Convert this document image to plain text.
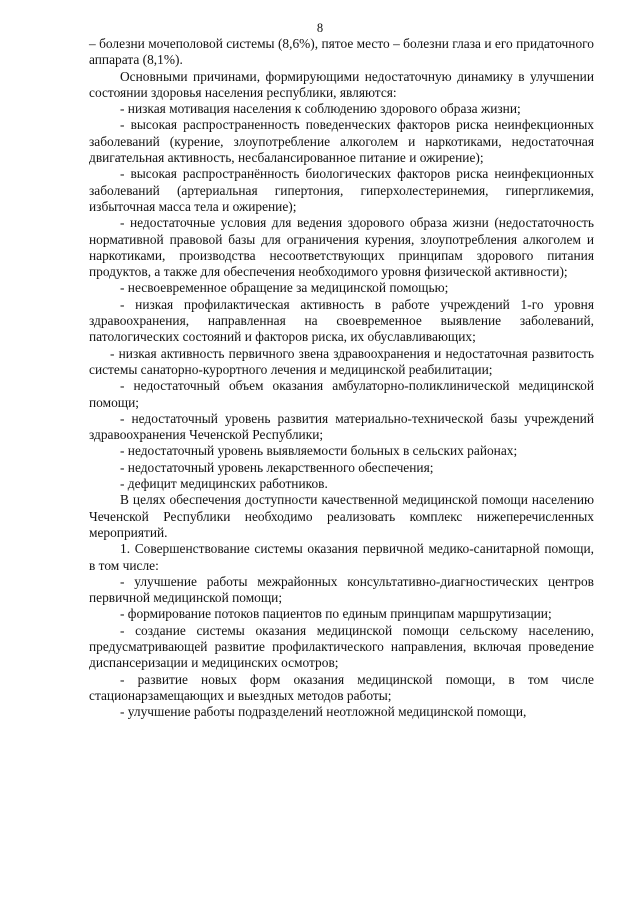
8

– болезни мочеполовой системы (8,6%), пятое место – болезни глаза и его придаточного аппарата (8,1%).

Основными причинами, формирующими недостаточную динамику в улучшении состоянии здоровья населения республики, являются:

- низкая мотивация населения к соблюдению здорового образа жизни;

- высокая распространенность поведенческих факторов риска неинфекционных заболеваний (курение, злоупотребление алкоголем и наркотиками, недостаточная двигательная активность, несбалансированное питание и ожирение);

- высокая распространённость биологических факторов риска неинфекционных заболеваний (артериальная гипертония, гиперхолестеринемия, гипергликемия, избыточная масса тела и ожирение);

- недостаточные условия для ведения здорового образа жизни (недостаточность нормативной правовой базы для ограничения курения, злоупотребления алкоголем и наркотиками, производства несоответствующих принципам здорового питания продуктов, а также для обеспечения необходимого уровня физической активности);

- несвоевременное обращение за медицинской помощью;

- низкая профилактическая активность в работе учреждений 1-го уровня здравоохранения, направленная на своевременное выявление заболеваний, патологических состояний и факторов риска, их обуславливающих;

- низкая активность первичного звена здравоохранения и недостаточная развитость системы санаторно-курортного лечения и медицинской реабилитации;

- недостаточный объем оказания амбулаторно-поликлинической медицинской помощи;

- недостаточный уровень развития материально-технической базы учреждений здравоохранения Чеченской Республики;

- недостаточный уровень выявляемости больных в сельских районах;

- недостаточный уровень лекарственного обеспечения;

- дефицит медицинских работников.

В целях обеспечения доступности качественной медицинской помощи населению Чеченской Республики необходимо реализовать комплекс нижеперечисленных мероприятий.

1. Совершенствование системы оказания первичной медико-санитарной помощи, в том числе:

- улучшение работы межрайонных консультативно-диагностических центров первичной медицинской помощи;

- формирование потоков пациентов по единым принципам маршрутизации;

- создание системы оказания медицинской помощи сельскому населению, предусматривающей развитие профилактического направления, включая проведение диспансеризации и медицинских осмотров;

- развитие новых форм оказания медицинской помощи, в том числе стационарзамещающих и выездных методов работы;

- улучшение работы подразделений неотложной медицинской помощи,
